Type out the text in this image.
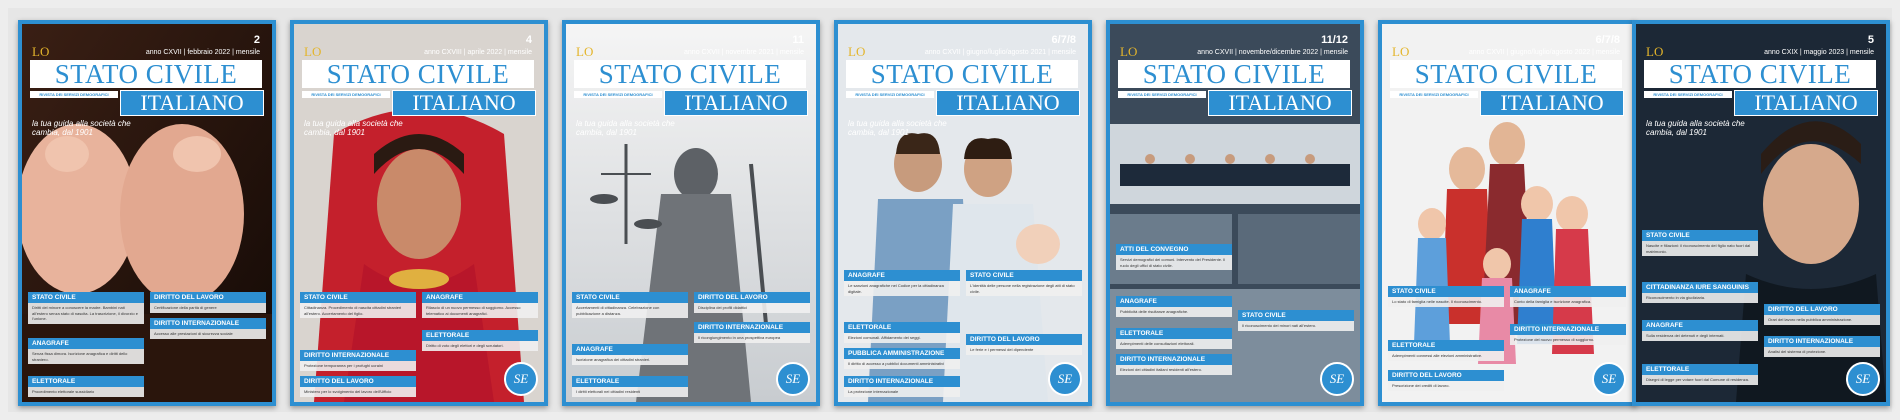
2
anno CXVII | febbraio 2022 | mensile
LO
STATO CIVILE
RIVISTA DEI SERVIZI DEMOGRAFICI	ITALIANO
la tua guida alla società che cambia, dal 1901
STATO CIVILE
Diritti del minore a conoscere la madre. Bambini nati all'estero senza stato di nascita. La trascrizione, il divorzio e l'unione.
DIRITTO DEL LAVORO
Certificazione della parità di genere
ANAGRAFE
Senza fissa dimora. Iscrizione anagrafica e diritti dello straniero.
DIRITTO INTERNAZIONALE
Accesso alle prestazioni di sicurezza sociale
ELETTORALE
Procedimento elettorale sussidiario
4
anno CXVIII | aprile 2022 | mensile
LO
STATO CIVILE
RIVISTA DEI SERVIZI DEMOGRAFICI	ITALIANO
la tua guida alla società che cambia, dal 1901
STATO CIVILE
Cittadinanza. Procedimento di nascita cittadini stranieri all'estero. Accertamento del figlio.
ANAGRAFE
Rilascio di un nuovo permesso di soggiorno. Accesso telematico ai documenti anagrafici.
DIRITTO INTERNAZIONALE
Protezione temporanea per i profughi ucraini
ELETTORALE
Diritto di voto degli elettori e degli scrutatori.
DIRITTO DEL LAVORO
Ministero per lo svolgimento del lavoro dell'Ufficio
SE
11
anno CXVII | novembre 2021 | mensile
LO
STATO CIVILE
RIVISTA DEI SERVIZI DEMOGRAFICI	ITALIANO
la tua guida alla società che cambia, dal 1901
STATO CIVILE
Accertamenti di cittadinanza. Celebrazione con pubblicazione a distanza.
DIRITTO DEL LAVORO
Disciplina dei profili didattici
ANAGRAFE
Iscrizione anagrafica dei cittadini stranieri.
DIRITTO INTERNAZIONALE
Il ricongiungimento in una prospettiva europea
ELETTORALE
I diritti elettorali nei cittadini residenti
SE
6/7/8
anno CXVII | giugno/luglio/agosto 2021 | mensile
LO
STATO CIVILE
RIVISTA DEI SERVIZI DEMOGRAFICI	ITALIANO
la tua guida alla società che cambia, dal 1901
ANAGRAFE
Le sanzioni anagrafiche nel Codice per la cittadinanza digitale.
STATO CIVILE
L'identità delle persone nella registrazione degli atti di stato civile.
ELETTORALE
Elezioni comunali. Affidamento dei seggi.
PUBBLICA AMMINISTRAZIONE
Il diritto di accesso a pubblici documenti amministrativi
DIRITTO DEL LAVORO
Le ferie e i permessi del dipendente
DIRITTO INTERNAZIONALE
La protezione internazionale
SE
11/12
anno CXVII | novembre/dicembre 2022 | mensile
LO
STATO CIVILE
RIVISTA DEI SERVIZI DEMOGRAFICI	ITALIANO
ATTI DEL CONVEGNO
Servizi demografici dei comuni. Intervento del Presidente. Il ruolo degli uffici di stato civile.
ANAGRAFE
Pubblicità delle risultanze anagrafiche.
STATO CIVILE
Il riconoscimento dei minori nati all'estero.
ELETTORALE
Adempimenti delle consultazioni elettorali.
DIRITTO INTERNAZIONALE
Elezioni dei cittadini italiani residenti all'estero.
SE
6/7/8
anno CXVII | giugno/luglio/agosto 2022 | mensile
LO
STATO CIVILE
RIVISTA DEI SERVIZI DEMOGRAFICI	ITALIANO
STATO CIVILE
Lo stato di famiglia nelle nascite. Il riconoscimento.
ANAGRAFE
Conto della famiglia e iscrizione anagrafica.
ELETTORALE
Adempimenti connessi alle elezioni amministrative.
DIRITTO INTERNAZIONALE
Protezione del nuovo permesso di soggiorno.
DIRITTO DEL LAVORO
Prescrizione dei crediti di lavoro.	SE
5
anno CXIX | maggio 2023 | mensile
LO
STATO CIVILE
RIVISTA DEI SERVIZI DEMOGRAFICI	ITALIANO
la tua guida alla società che cambia, dal 1901
STATO CIVILE
Nascite e filiazioni: il riconoscimento del figlio nato fuori dal matrimonio.
CITTADINANZA IURE SANGUINIS
Riconoscimento in via giudiziaria.
ANAGRAFE
Sulla residenza dei detenuti e degli internati.
DIRITTO DEL LAVORO
Orari del lavoro nella pubblica amministrazione.
DIRITTO INTERNAZIONALE
Analisi del sistema di protezione.
ELETTORALE
Disegni di legge per votare fuori dal Comune di residenza.	SE
